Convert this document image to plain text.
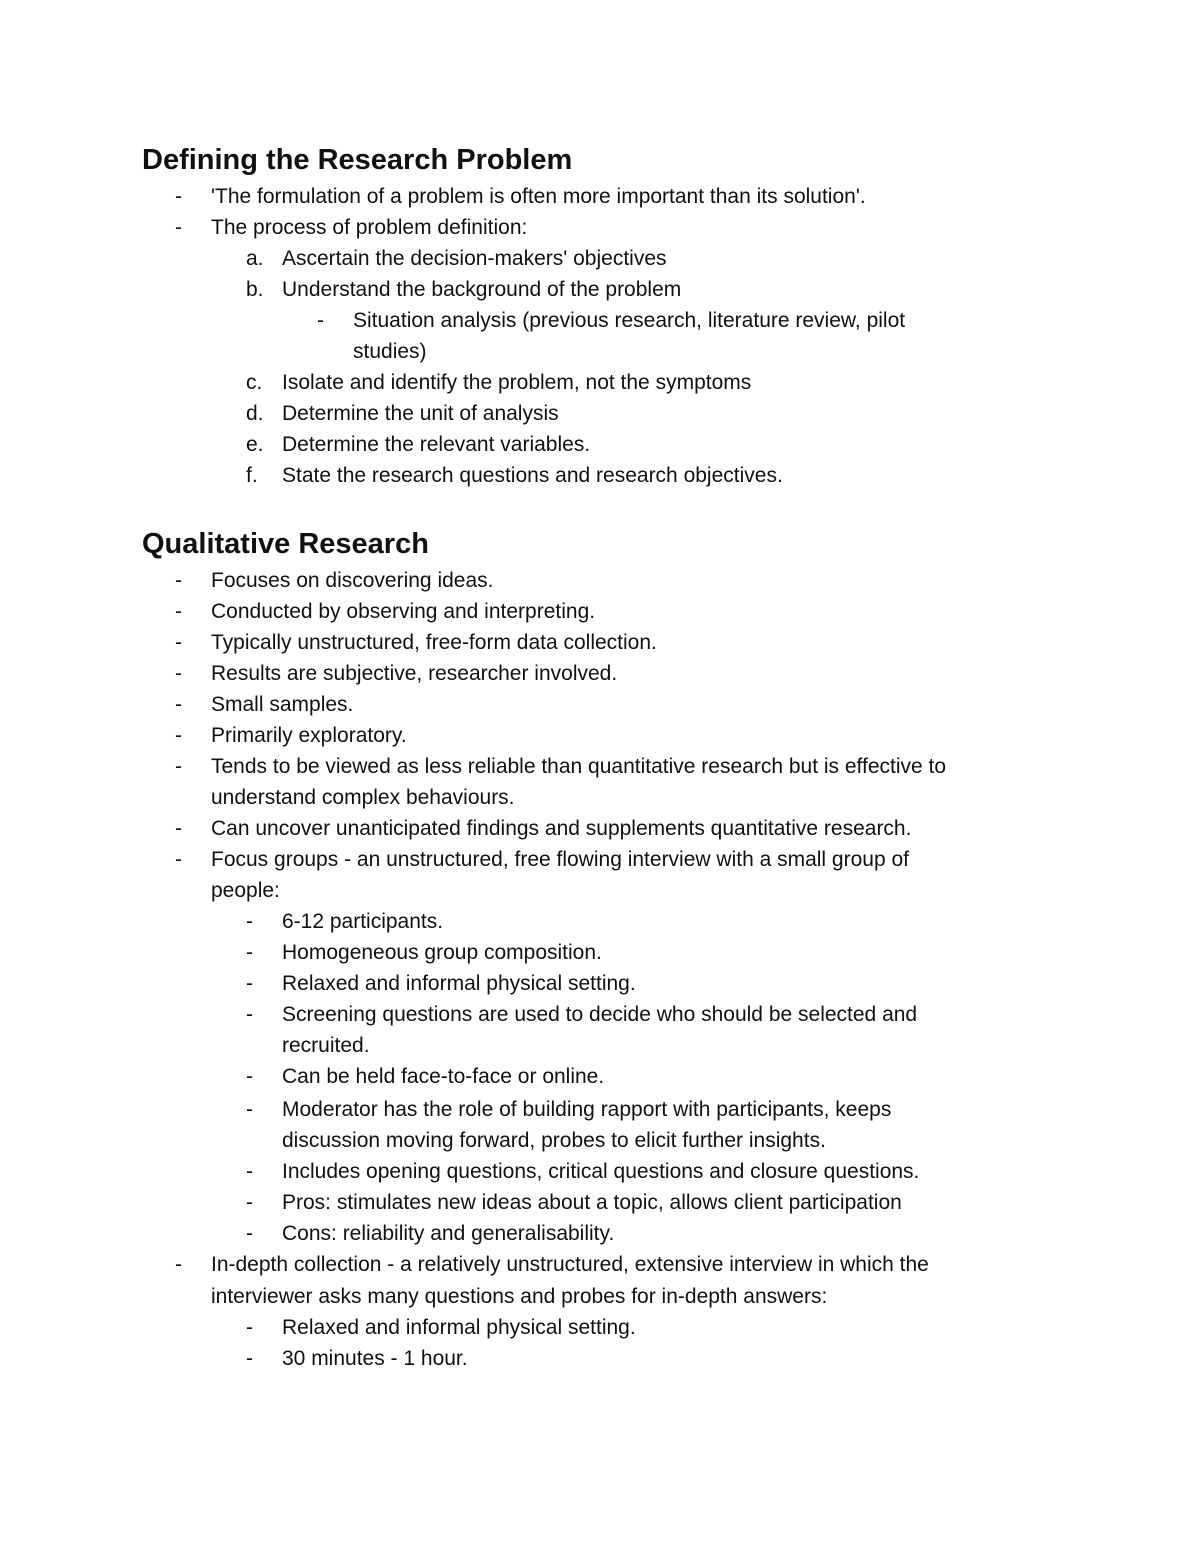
Defining the Research Problem
- 'The formulation of a problem is often more important than its solution'.
- The process of problem definition:
a. Ascertain the decision-makers' objectives
b. Understand the background of the problem
- Situation analysis (previous research, literature review, pilot
studies)
c. Isolate and identify the problem, not the symptoms
d. Determine the unit of analysis
e. Determine the relevant variables.
f. State the research questions and research objectives.
Qualitative Research
- Focuses on discovering ideas.
- Conducted by observing and interpreting.
- Typically unstructured, free-form data collection.
- Results are subjective, researcher involved.
- Small samples.
- Primarily exploratory.
- Tends to be viewed as less reliable than quantitative research but is effective to
understand complex behaviours.
- Can uncover unanticipated findings and supplements quantitative research.
- Focus groups - an unstructured, free flowing interview with a small group of
people:
- 6-12 participants.
- Homogeneous group composition.
- Relaxed and informal physical setting.
- Screening questions are used to decide who should be selected and
recruited.
- Can be held face-to-face or online.
- Moderator has the role of building rapport with participants, keeps
discussion moving forward, probes to elicit further insights.
- Includes opening questions, critical questions and closure questions.
- Pros: stimulates new ideas about a topic, allows client participation
- Cons: reliability and generalisability.
- In-depth collection - a relatively unstructured, extensive interview in which the
interviewer asks many questions and probes for in-depth answers:
- Relaxed and informal physical setting.
- 30 minutes - 1 hour.
